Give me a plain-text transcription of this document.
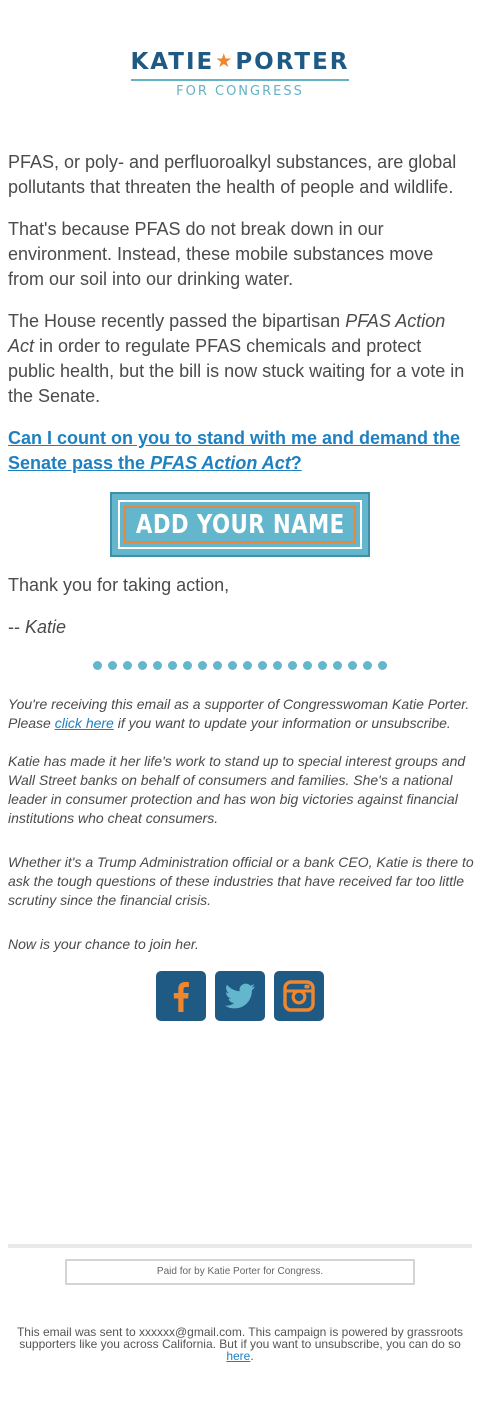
KATIE★PORTER
FOR CONGRESS

PFAS, or poly- and perfluoroalkyl substances, are global pollutants that threaten the health of people and wildlife.

That's because PFAS do not break down in our environment. Instead, these mobile substances move from our soil into our drinking water.

The House recently passed the bipartisan PFAS Action Act in order to regulate PFAS chemicals and protect public health, but the bill is now stuck waiting for a vote in the Senate.

Can I count on you to stand with me and demand the Senate pass the PFAS Action Act?

ADD YOUR NAME

Thank you for taking action,

-- Katie

You're receiving this email as a supporter of Congresswoman Katie Porter. Please click here if you want to update your information or unsubscribe.

Katie has made it her life's work to stand up to special interest groups and Wall Street banks on behalf of consumers and families. She's a national leader in consumer protection and has won big victories against financial institutions who cheat consumers.

Whether it's a Trump Administration official or a bank CEO, Katie is there to ask the tough questions of these industries that have received far too little scrutiny since the financial crisis.

Now is your chance to join her.

Paid for by Katie Porter for Congress.
This email was sent to xxxxxx@gmail.com. This campaign is powered by grassroots supporters like you across California. But if you want to unsubscribe, you can do so here.
